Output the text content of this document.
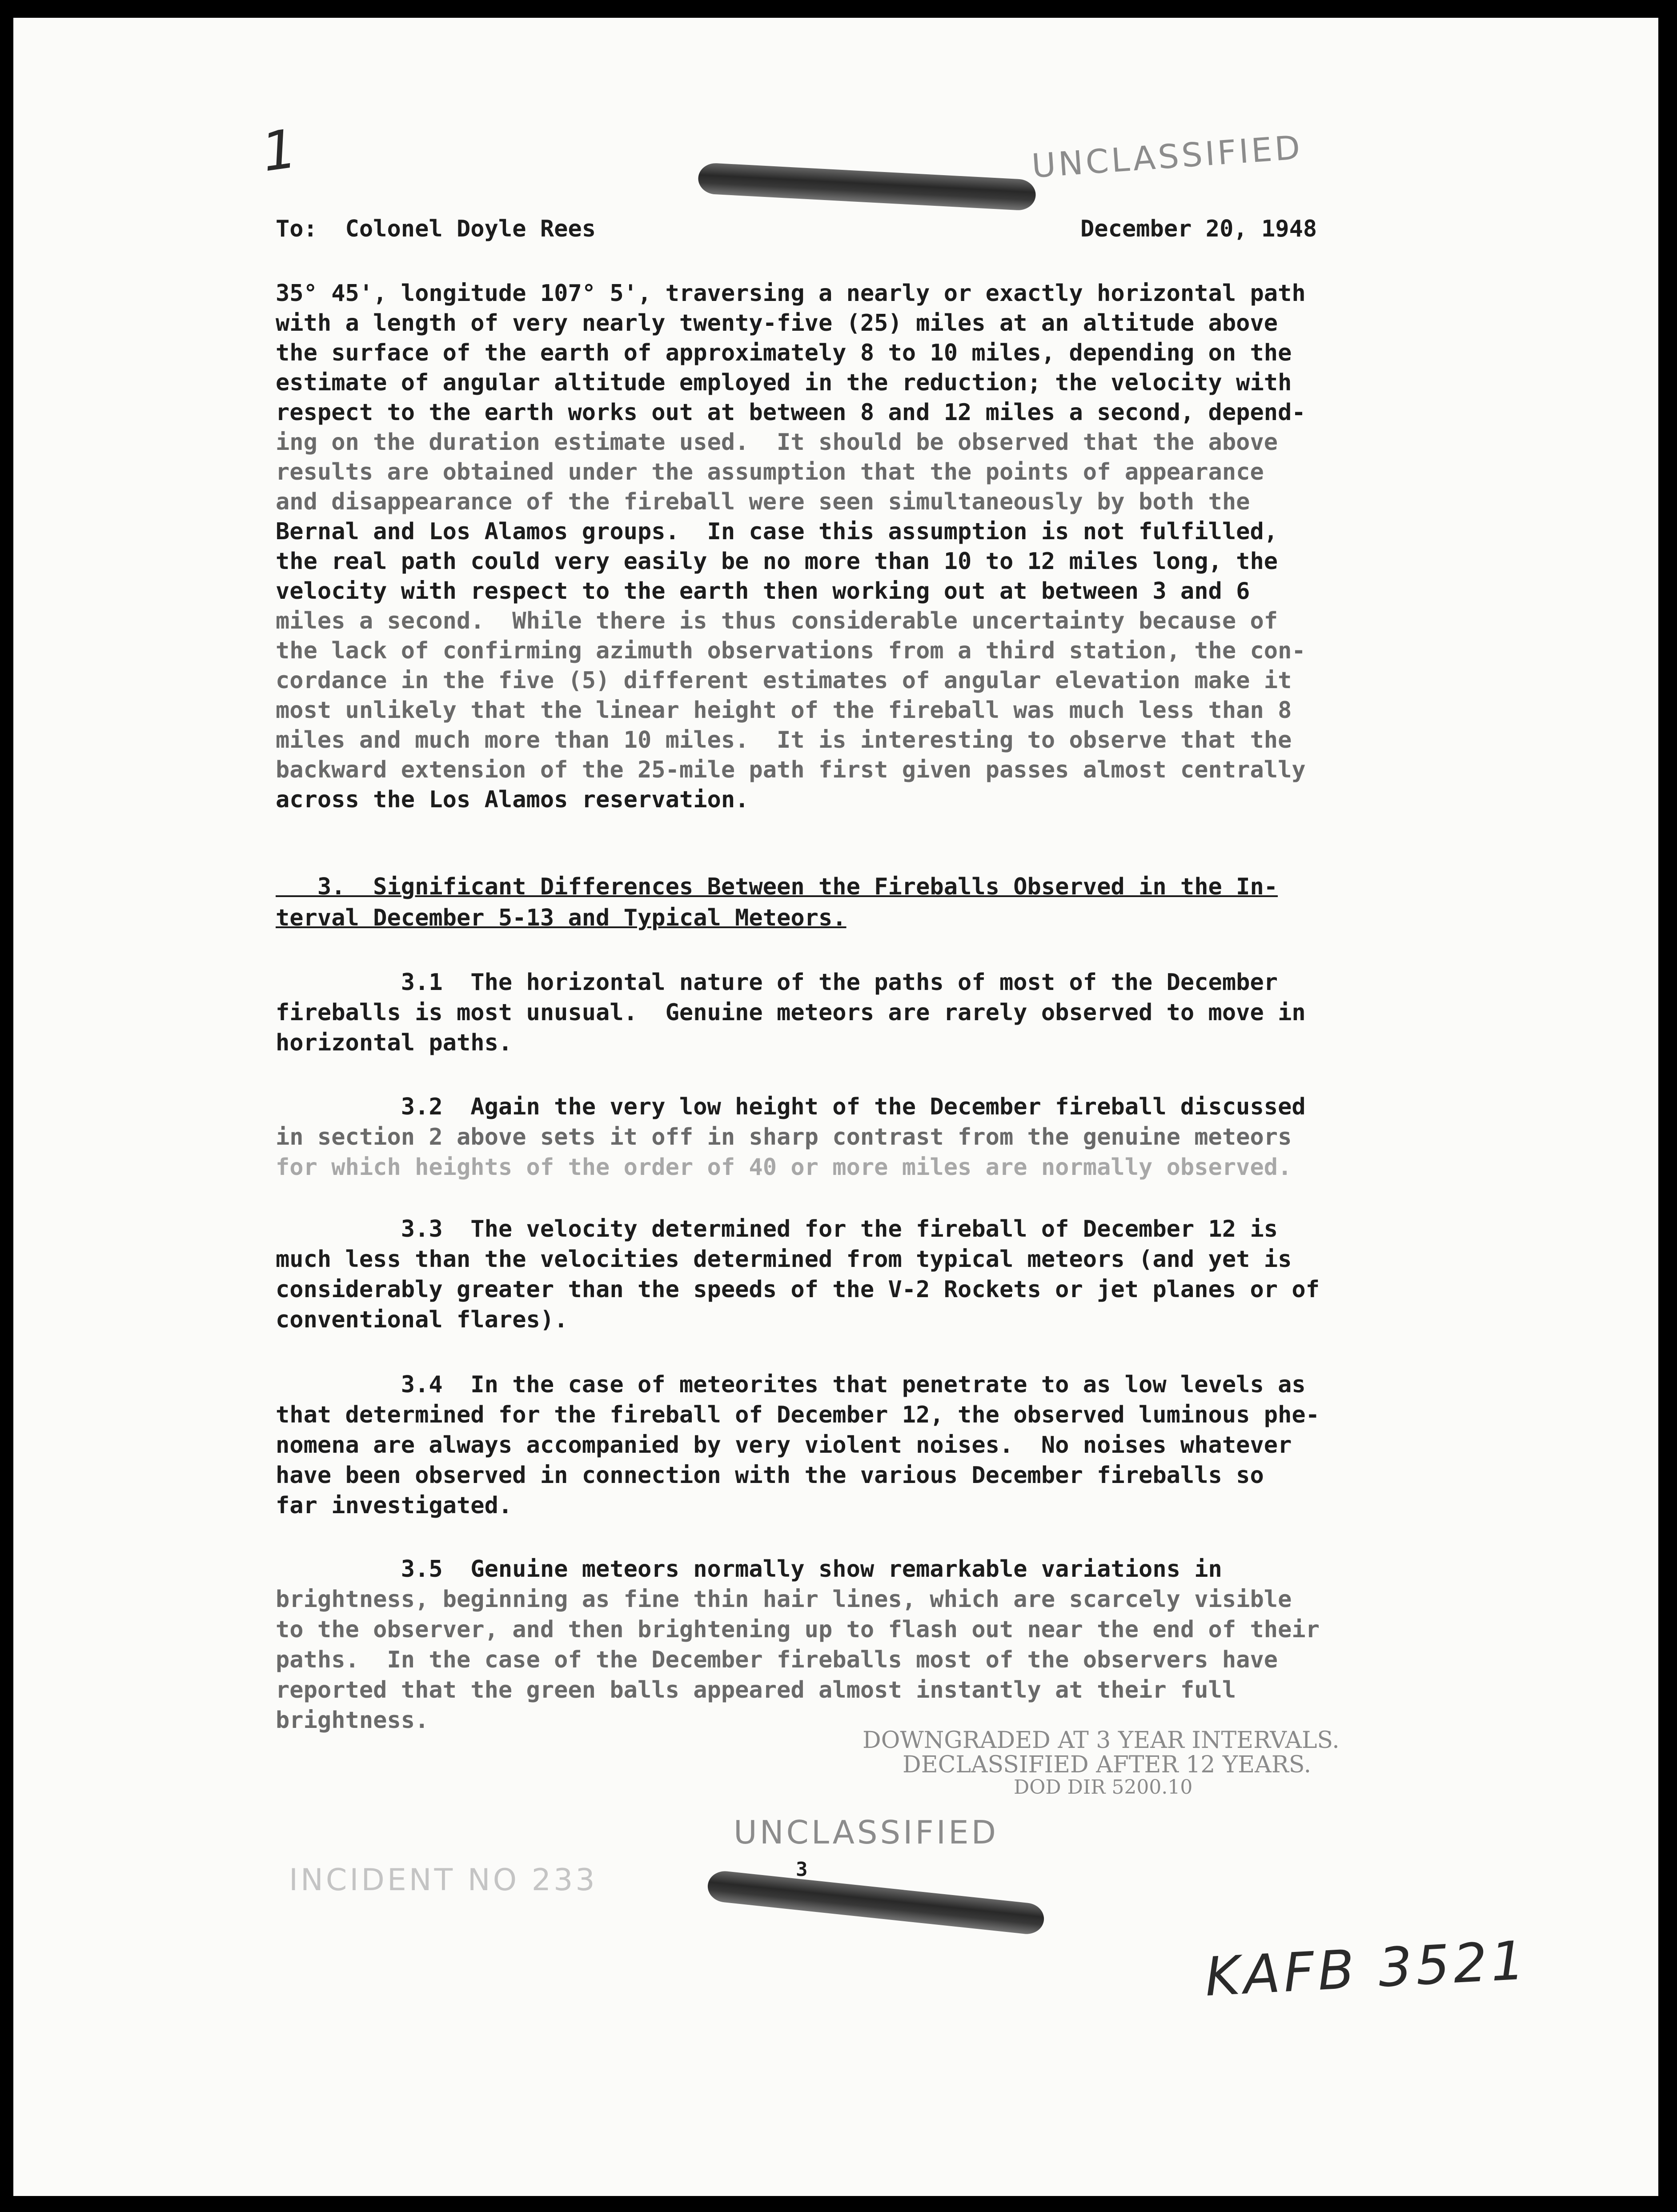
1	UNCLASSIFIED
To:  Colonel Doyle Rees	December 20, 1948
35° 45', longitude 107° 5', traversing a nearly or exactly horizontal path
with a length of very nearly twenty-five (25) miles at an altitude above
the surface of the earth of approximately 8 to 10 miles, depending on the
estimate of angular altitude employed in the reduction; the velocity with
respect to the earth works out at between 8 and 12 miles a second, depend-
ing on the duration estimate used.  It should be observed that the above
results are obtained under the assumption that the points of appearance
and disappearance of the fireball were seen simultaneously by both the
Bernal and Los Alamos groups.  In case this assumption is not fulfilled,
the real path could very easily be no more than 10 to 12 miles long, the
velocity with respect to the earth then working out at between 3 and 6
miles a second.  While there is thus considerable uncertainty because of
the lack of confirming azimuth observations from a third station, the con-
cordance in the five (5) different estimates of angular elevation make it
most unlikely that the linear height of the fireball was much less than 8
miles and much more than 10 miles.  It is interesting to observe that the
backward extension of the 25-mile path first given passes almost centrally
across the Los Alamos reservation.
3.  Significant Differences Between the Fireballs Observed in the In-
terval December 5-13 and Typical Meteors.
3.1  The horizontal nature of the paths of most of the December
fireballs is most unusual.  Genuine meteors are rarely observed to move in
horizontal paths.
3.2  Again the very low height of the December fireball discussed
in section 2 above sets it off in sharp contrast from the genuine meteors
for which heights of the order of 40 or more miles are normally observed.
3.3  The velocity determined for the fireball of December 12 is
much less than the velocities determined from typical meteors (and yet is
considerably greater than the speeds of the V-2 Rockets or jet planes or of
conventional flares).
3.4  In the case of meteorites that penetrate to as low levels as
that determined for the fireball of December 12, the observed luminous phe-
nomena are always accompanied by very violent noises.  No noises whatever
have been observed in connection with the various December fireballs so
far investigated.
3.5  Genuine meteors normally show remarkable variations in
brightness, beginning as fine thin hair lines, which are scarcely visible
to the observer, and then brightening up to flash out near the end of their
paths.  In the case of the December fireballs most of the observers have
reported that the green balls appeared almost instantly at their full
brightness.
DOWNGRADED AT 3 YEAR INTERVALS.
DECLASSIFIED AFTER 12 YEARS.
DOD DIR 5200.10
UNCLASSIFIED
3
INCIDENT NO 233
KAFB 3521
